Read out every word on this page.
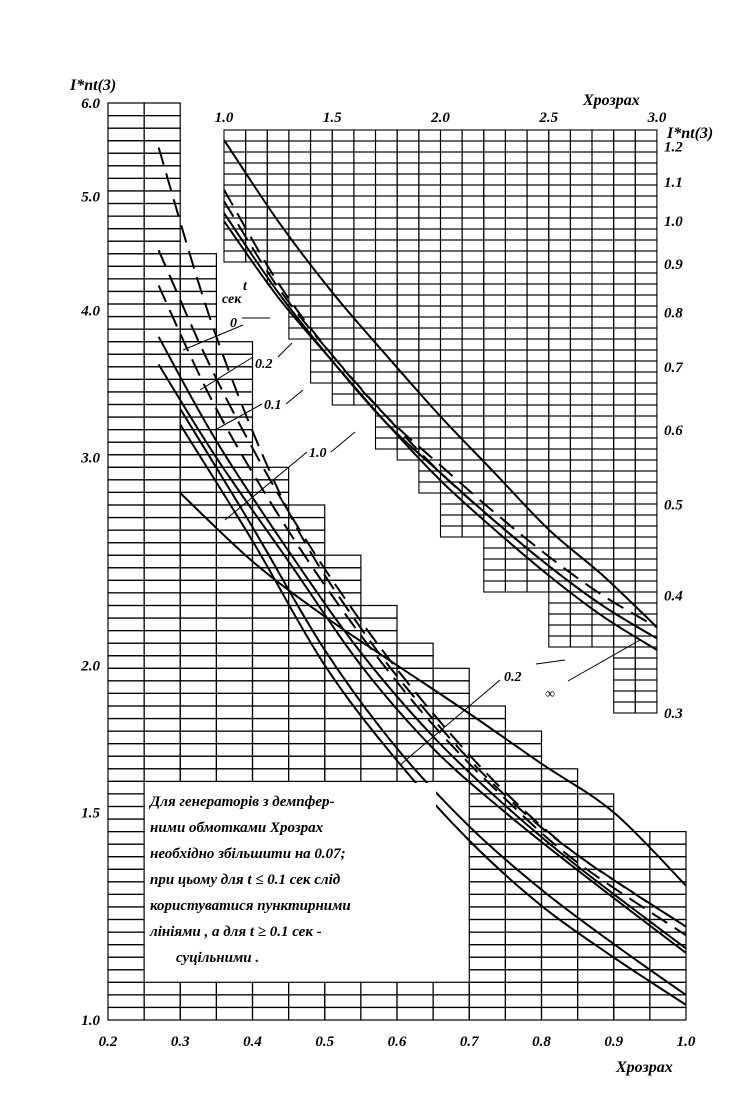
I*nt(3)
Xрозрах
Xрозрах
I*nt(3)
t
сек
0
0.2
0.1
1.0
0.2
∞
Для генераторів з демпфер-
ними обмотками Xрозрах
необхідно збільшити на 0.07;
при цьому для t ≤ 0.1 сек слід
користуватися пунктирними
лініями , а для t ≥ 0.1 сек -
суцільними .
0.2	0.3	0.4	0.5	0.6	0.7	0.8	0.9	1.0
1.0
1.5
2.0
3.0
4.0
5.0
6.0
1.0	1.5	2.0	2.5	3.0
1.2
1.1
1.0
0.9
0.8
0.7
0.6
0.5
0.4
0.3
